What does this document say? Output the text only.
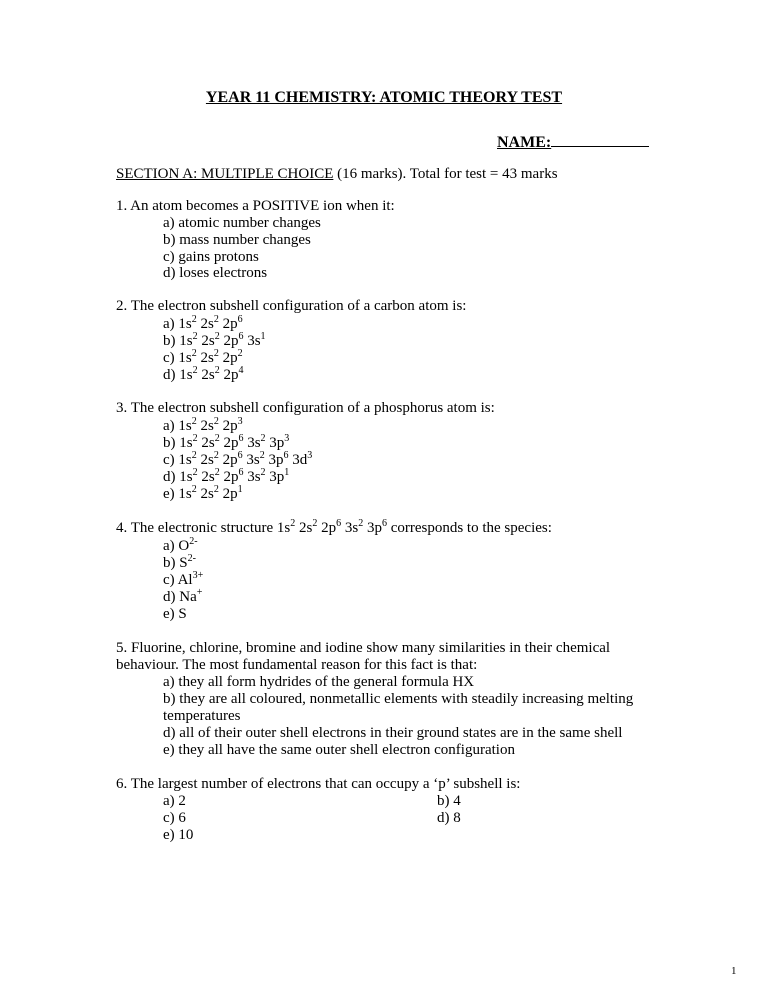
YEAR 11 CHEMISTRY: ATOMIC THEORY TEST
NAME:
SECTION A: MULTIPLE CHOICE (16 marks). Total for test = 43 marks
1. An atom becomes a POSITIVE ion when it:
a) atomic number changes
b) mass number changes
c) gains protons
d) loses electrons
2. The electron subshell configuration of a carbon atom is:
a) $1s^2$ $2s^2$ $2p^6$
b) $1s^2$ $2s^2$ $2p^6$ $3s^1$
c) $1s^2$ $2s^2$ $2p^2$
d) $1s^2$ $2s^2$ $2p^4$
3. The electron subshell configuration of a phosphorus atom is:
a) $1s^2$ $2s^2$ $2p^3$
b) $1s^2$ $2s^2$ $2p^6$ $3s^2$ $3p^3$
c) $1s^2$ $2s^2$ $2p^6$ $3s^2$ $3p^6$ $3d^3$
d) $1s^2$ $2s^2$ $2p^6$ $3s^2$ $3p^1$
e) $1s^2$ $2s^2$ $2p^1$
4. The electronic structure $1s^2$ $2s^2$ $2p^6$ $3s^2$ $3p^6$ corresponds to the species:
a) $O^{2-}$
b) $S^{2-}$
c) $Al^{3+}$
d) Na+
e) S
5. Fluorine, chlorine, bromine and iodine show many similarities in their chemical behaviour. The most fundamental reason for this fact is that:
a) they all form hydrides of the general formula HX
b) they are all coloured, nonmetallic elements with steadily increasing melting temperatures
d) all of their outer shell electrons in their ground states are in the same shell
e) they all have the same outer shell electron configuration
6. The largest number of electrons that can occupy a ‘p’ subshell is:
a) 2	b) 4
c) 6	d) 8
e) 10
1
